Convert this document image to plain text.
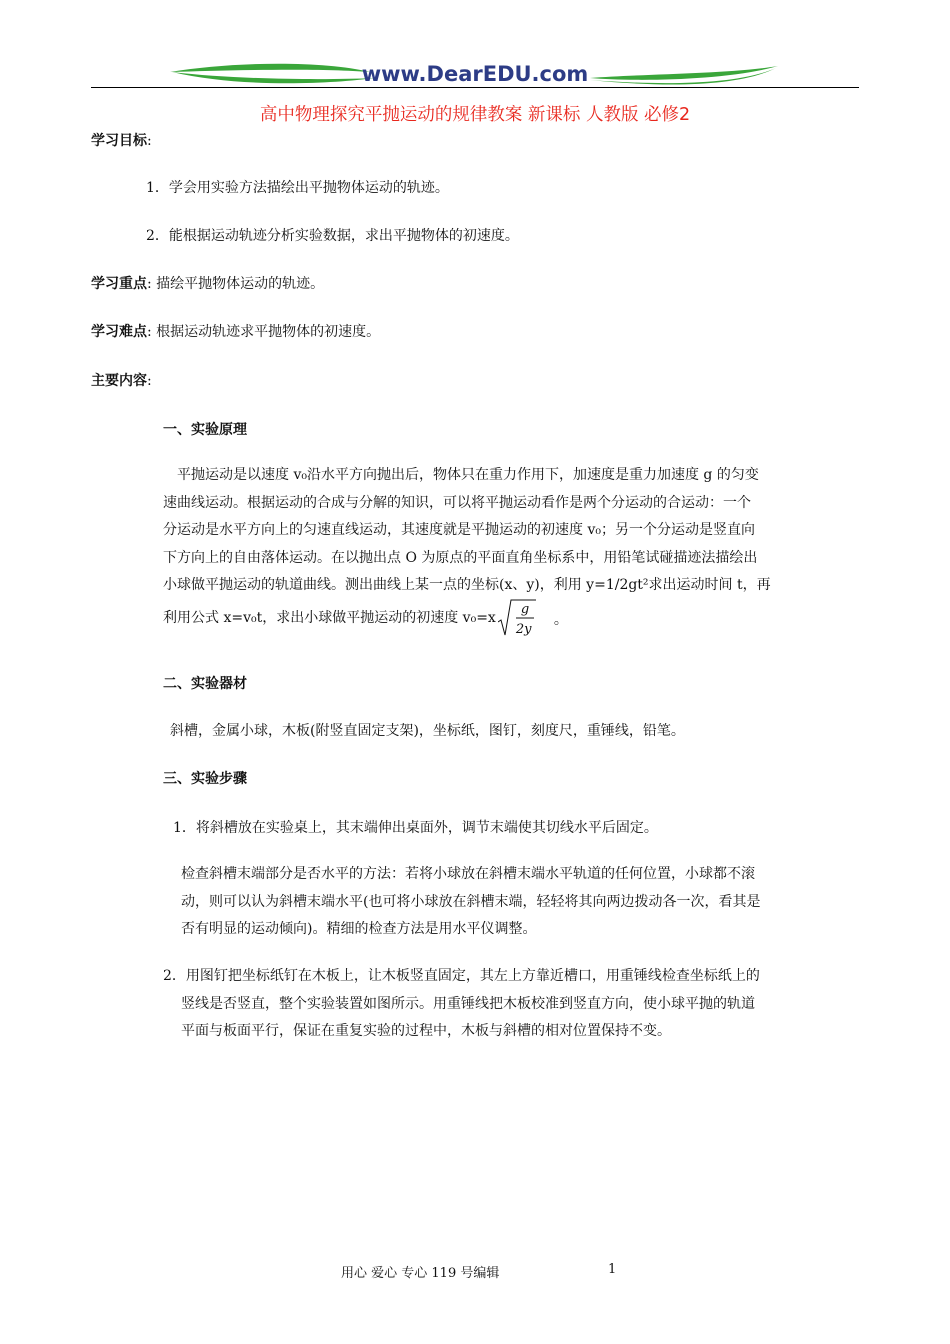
www.DearEDU.com
高中物理探究平抛运动的规律教案 新课标 人教版 必修2
学习目标:
1．学会用实验方法描绘出平抛物体运动的轨迹。
2．能根据运动轨迹分析实验数据，求出平抛物体的初速度。
学习重点: 描绘平抛物体运动的轨迹。
学习难点: 根据运动轨迹求平抛物体的初速度。
主要内容:
一、实验原理
平抛运动是以速度 v₀沿水平方向抛出后，物体只在重力作用下，加速度是重力加速度 g 的匀变
速曲线运动。根据运动的合成与分解的知识，可以将平抛运动看作是两个分运动的合运动：一个
分运动是水平方向上的匀速直线运动，其速度就是平抛运动的初速度 v₀；另一个分运动是竖直向
下方向上的自由落体运动。在以抛出点 O 为原点的平面直角坐标系中，用铅笔试碰描迹法描绘出
小球做平抛运动的轨道曲线。测出曲线上某一点的坐标(x、y)，利用 y=1/2gt²求出运动时间 t，再
利用公式 x=v₀t，求出小球做平抛运动的初速度 v₀=x
g
2y
。
二、实验器材
斜槽，金属小球，木板(附竖直固定支架)，坐标纸，图钉，刻度尺，重锤线，铅笔。
三、实验步骤
1．将斜槽放在实验桌上，其末端伸出桌面外，调节末端使其切线水平后固定。
检查斜槽末端部分是否水平的方法：若将小球放在斜槽末端水平轨道的任何位置，小球都不滚
动，则可以认为斜槽末端水平(也可将小球放在斜槽末端，轻轻将其向两边拨动各一次，看其是
否有明显的运动倾向)。精细的检查方法是用水平仪调整。
2．用图钉把坐标纸钉在木板上，让木板竖直固定，其左上方靠近槽口，用重锤线检查坐标纸上的
竖线是否竖直，整个实验装置如图所示。用重锤线把木板校准到竖直方向，使小球平抛的轨道
平面与板面平行，保证在重复实验的过程中，木板与斜槽的相对位置保持不变。
用心 爱心 专心 119 号编辑	1
